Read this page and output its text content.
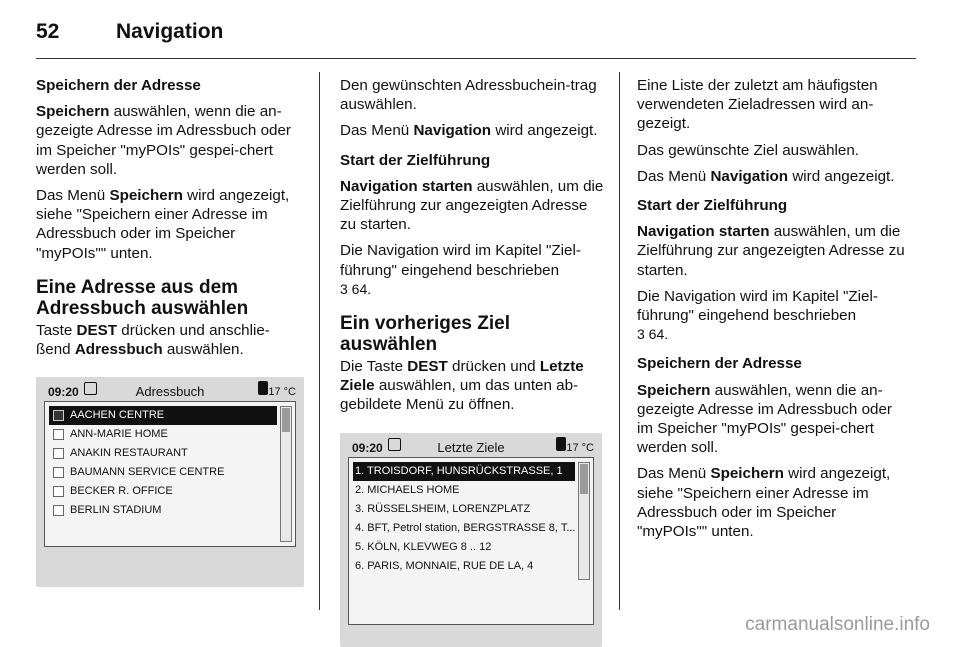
52	Navigation

Speichern der Adresse

Speichern auswählen, wenn die an-gezeigte Adresse im Adressbuch oder im Speicher "myPOIs" gespei-chert werden soll.

Das Menü Speichern wird angezeigt, siehe "Speichern einer Adresse im Adressbuch oder im Speicher "myPOIs"" unten.

Eine Adresse aus dem Adressbuch auswählen

Taste DEST drücken und anschlie-ßend Adressbuch auswählen.

09:20	Adressbuch	17 °C
AACHEN CENTRE
ANN-MARIE HOME
ANAKIN RESTAURANT
BAUMANN SERVICE CENTRE
BECKER R. OFFICE
BERLIN STADIUM

Den gewünschten Adressbuchein-trag auswählen.

Das Menü Navigation wird angezeigt.

Start der Zielführung

Navigation starten auswählen, um die Zielführung zur angezeigten Adresse zu starten.

Die Navigation wird im Kapitel "Ziel-führung" eingehend beschrieben
3 64.

Ein vorheriges Ziel auswählen

Die Taste DEST drücken und Letzte Ziele auswählen, um das unten ab-gebildete Menü zu öffnen.

09:20	Letzte Ziele	17 °C
1. TROISDORF, HUNSRÜCKSTRASSE, 1
2. MICHAELS HOME
3. RÜSSELSHEIM, LORENZPLATZ
4. BFT, Petrol station, BERGSTRASSE 8, T...
5. KÖLN, KLEVWEG 8 .. 12
6. PARIS, MONNAIE, RUE DE LA, 4

Eine Liste der zuletzt am häufigsten verwendeten Zieladressen wird an-gezeigt.

Das gewünschte Ziel auswählen.

Das Menü Navigation wird angezeigt.

Start der Zielführung

Navigation starten auswählen, um die Zielführung zur angezeigten Adresse zu starten.

Die Navigation wird im Kapitel "Ziel-führung" eingehend beschrieben
3 64.

Speichern der Adresse

Speichern auswählen, wenn die an-gezeigte Adresse im Adressbuch oder im Speicher "myPOIs" gespei-chert werden soll.

Das Menü Speichern wird angezeigt, siehe "Speichern einer Adresse im Adressbuch oder im Speicher "myPOIs"" unten.

carmanualsonline.info
